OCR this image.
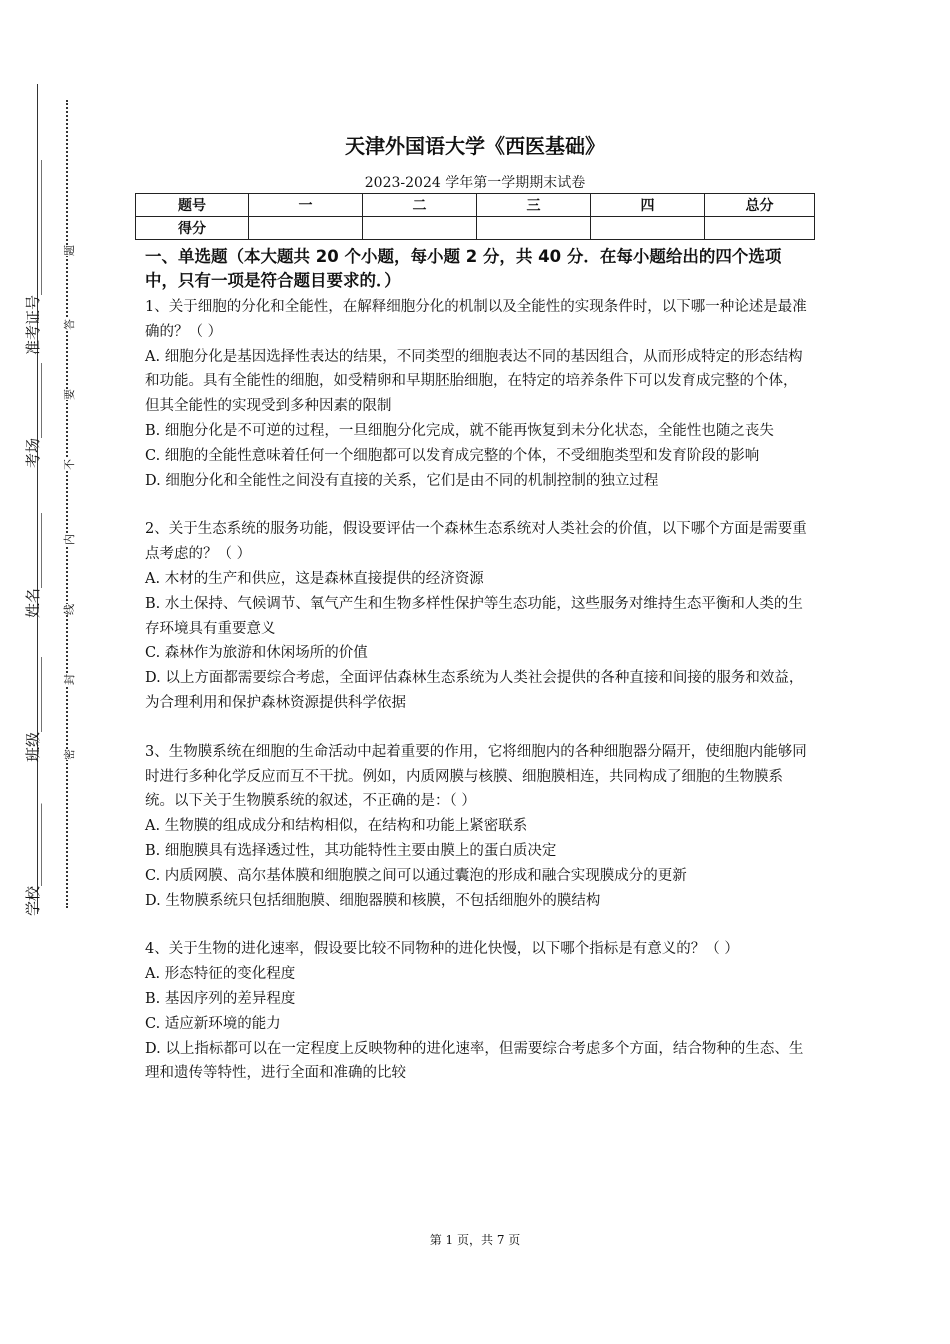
准考证号__________________
考场__________
姓名__________
班级__________
学校___________
题
答
要
不
内
线
封
密
天津外国语大学《西医基础》
2023-2024 学年第一学期期末试卷
题号	一	二	三	四	总分
得分					
一、单选题（本大题共 20 个小题，每小题 2 分，共 40 分．在每小题给出的四个选项中，只有一项是符合题目要求的．）

1、关于细胞的分化和全能性，在解释细胞分化的机制以及全能性的实现条件时，以下哪一种论述是最准确的？（ ）

A. 细胞分化是基因选择性表达的结果，不同类型的细胞表达不同的基因组合，从而形成特定的形态结构和功能。具有全能性的细胞，如受精卵和早期胚胎细胞，在特定的培养条件下可以发育成完整的个体，但其全能性的实现受到多种因素的限制

B. 细胞分化是不可逆的过程，一旦细胞分化完成，就不能再恢复到未分化状态，全能性也随之丧失

C. 细胞的全能性意味着任何一个细胞都可以发育成完整的个体，不受细胞类型和发育阶段的影响

D. 细胞分化和全能性之间没有直接的关系，它们是由不同的机制控制的独立过程

2、关于生态系统的服务功能，假设要评估一个森林生态系统对人类社会的价值，以下哪个方面是需要重点考虑的？（ ）

A. 木材的生产和供应，这是森林直接提供的经济资源

B. 水土保持、气候调节、氧气产生和生物多样性保护等生态功能，这些服务对维持生态平衡和人类的生存环境具有重要意义

C. 森林作为旅游和休闲场所的价值

D. 以上方面都需要综合考虑，全面评估森林生态系统为人类社会提供的各种直接和间接的服务和效益，为合理利用和保护森林资源提供科学依据

3、生物膜系统在细胞的生命活动中起着重要的作用，它将细胞内的各种细胞器分隔开，使细胞内能够同时进行多种化学反应而互不干扰。例如，内质网膜与核膜、细胞膜相连，共同构成了细胞的生物膜系统。以下关于生物膜系统的叙述，不正确的是：（ ）

A. 生物膜的组成成分和结构相似，在结构和功能上紧密联系

B. 细胞膜具有选择透过性，其功能特性主要由膜上的蛋白质决定

C. 内质网膜、高尔基体膜和细胞膜之间可以通过囊泡的形成和融合实现膜成分的更新

D. 生物膜系统只包括细胞膜、细胞器膜和核膜，不包括细胞外的膜结构

4、关于生物的进化速率，假设要比较不同物种的进化快慢，以下哪个指标是有意义的？（ ）

A. 形态特征的变化程度

B. 基因序列的差异程度

C. 适应新环境的能力

D. 以上指标都可以在一定程度上反映物种的进化速率，但需要综合考虑多个方面，结合物种的生态、生理和遗传等特性，进行全面和准确的比较

第 1 页，共 7 页
